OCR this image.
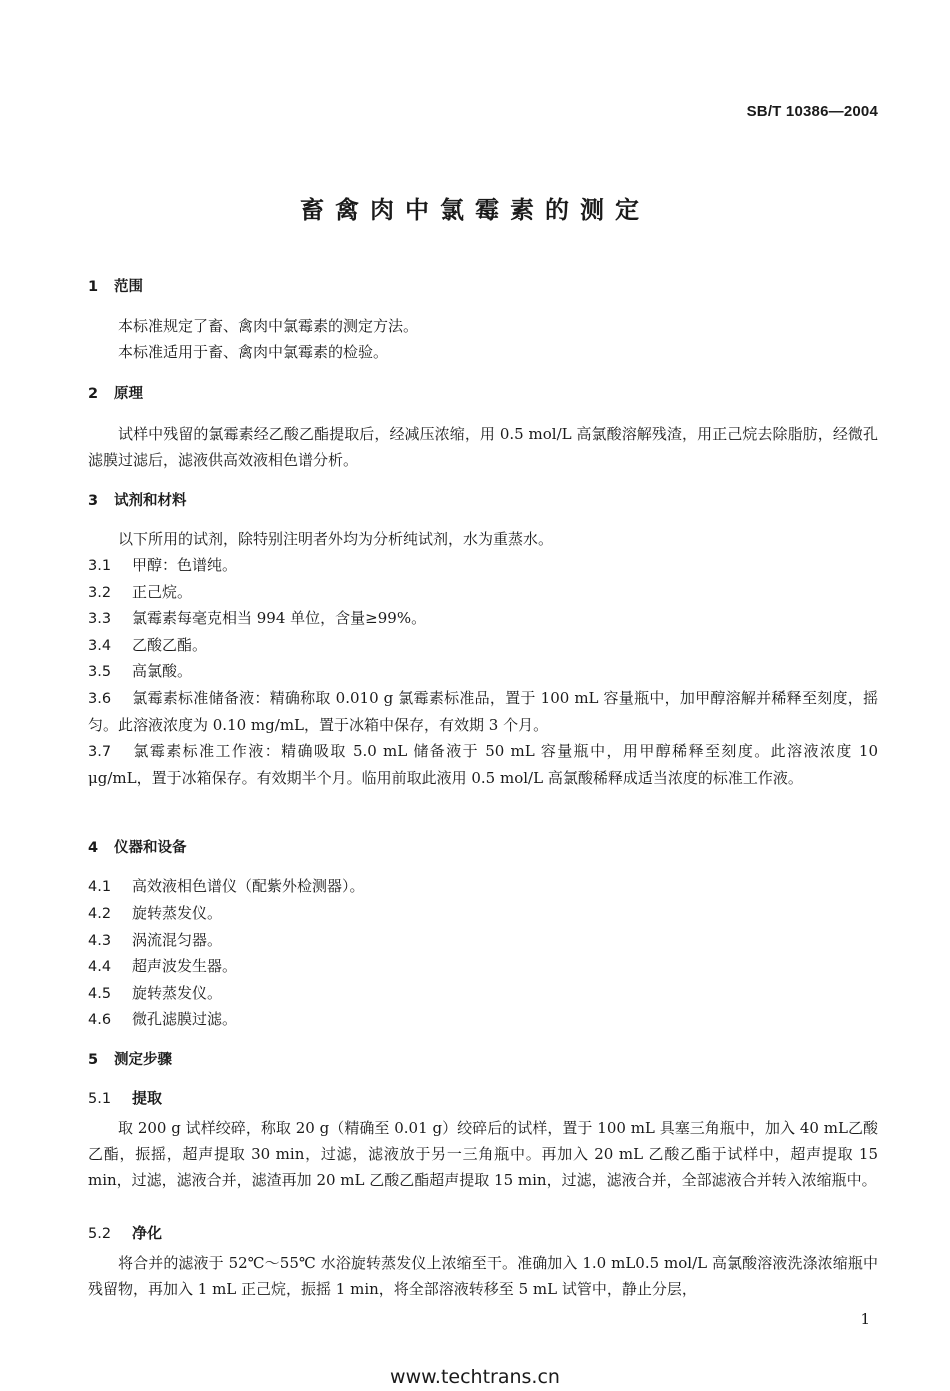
SB/T 10386—2004
畜禽肉中氯霉素的测定
1 范围
本标准规定了畜、禽肉中氯霉素的测定方法。
本标准适用于畜、禽肉中氯霉素的检验。
2 原理
试样中残留的氯霉素经乙酸乙酯提取后，经减压浓缩，用 0.5 mol/L 高氯酸溶解残渣，用正己烷去除脂肪，经微孔滤膜过滤后，滤液供高效液相色谱分析。
3 试剂和材料
以下所用的试剂，除特别注明者外均为分析纯试剂，水为重蒸水。
3.1 甲醇：色谱纯。
3.2 正己烷。
3.3 氯霉素每毫克相当 994 单位，含量≥99%。
3.4 乙酸乙酯。
3.5 高氯酸。
3.6 氯霉素标准储备液：精确称取 0.010 g 氯霉素标准品，置于 100 mL 容量瓶中，加甲醇溶解并稀释至刻度，摇匀。此溶液浓度为 0.10 mg/mL，置于冰箱中保存，有效期 3 个月。
3.7 氯霉素标准工作液：精确吸取 5.0 mL 储备液于 50 mL 容量瓶中，用甲醇稀释至刻度。此溶液浓度 10 μg/mL，置于冰箱保存。有效期半个月。临用前取此液用 0.5 mol/L 高氯酸稀释成适当浓度的标准工作液。
4 仪器和设备
4.1 高效液相色谱仪（配紫外检测器）。
4.2 旋转蒸发仪。
4.3 涡流混匀器。
4.4 超声波发生器。
4.5 旋转蒸发仪。
4.6 微孔滤膜过滤。
5 测定步骤
5.1 提取
取 200 g 试样绞碎，称取 20 g（精确至 0.01 g）绞碎后的试样，置于 100 mL 具塞三角瓶中，加入 40 mL乙酸乙酯，振摇，超声提取 30 min，过滤，滤液放于另一三角瓶中。再加入 20 mL 乙酸乙酯于试样中，超声提取 15 min，过滤，滤液合并，滤渣再加 20 mL 乙酸乙酯超声提取 15 min，过滤，滤液合并，全部滤液合并转入浓缩瓶中。
5.2 净化
将合并的滤液于 52℃～55℃ 水浴旋转蒸发仪上浓缩至干。准确加入 1.0 mL0.5 mol/L 高氯酸溶液洗涤浓缩瓶中残留物，再加入 1 mL 正己烷，振摇 1 min，将全部溶液转移至 5 mL 试管中，静止分层，
1
www.techtrans.cn
